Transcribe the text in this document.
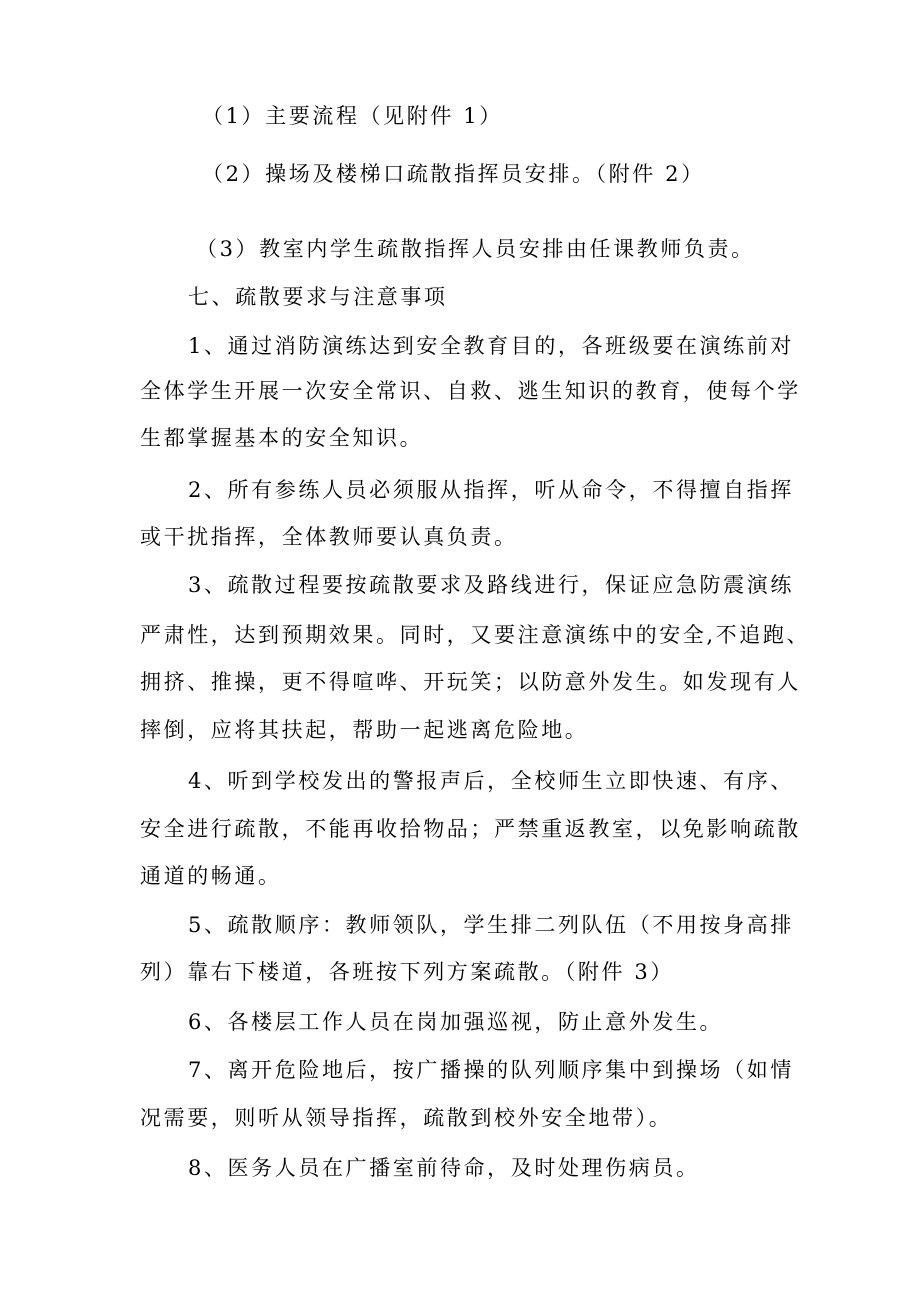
（1）主要流程（见附件 1）
（2）操场及楼梯口疏散指挥员安排。（附件 2）
（3）教室内学生疏散指挥人员安排由任课教师负责。
七、疏散要求与注意事项
1、通过消防演练达到安全教育目的，各班级要在演练前对
全体学生开展一次安全常识、自救、逃生知识的教育，使每个学
生都掌握基本的安全知识。
2、所有参练人员必须服从指挥，听从命令，不得擅自指挥
或干扰指挥，全体教师要认真负责。
3、疏散过程要按疏散要求及路线进行，保证应急防震演练
严肃性，达到预期效果。同时，又要注意演练中的安全,不追跑、
拥挤、推操，更不得喧哗、开玩笑；以防意外发生。如发现有人
摔倒，应将其扶起，帮助一起逃离危险地。
4、听到学校发出的警报声后，全校师生立即快速、有序、
安全进行疏散，不能再收拾物品；严禁重返教室，以免影响疏散
通道的畅通。
5、疏散顺序：教师领队，学生排二列队伍（不用按身高排
列）靠右下楼道，各班按下列方案疏散。（附件 3）
6、各楼层工作人员在岗加强巡视，防止意外发生。
7、离开危险地后，按广播操的队列顺序集中到操场（如情
况需要，则听从领导指挥，疏散到校外安全地带）。
8、医务人员在广播室前待命，及时处理伤病员。
